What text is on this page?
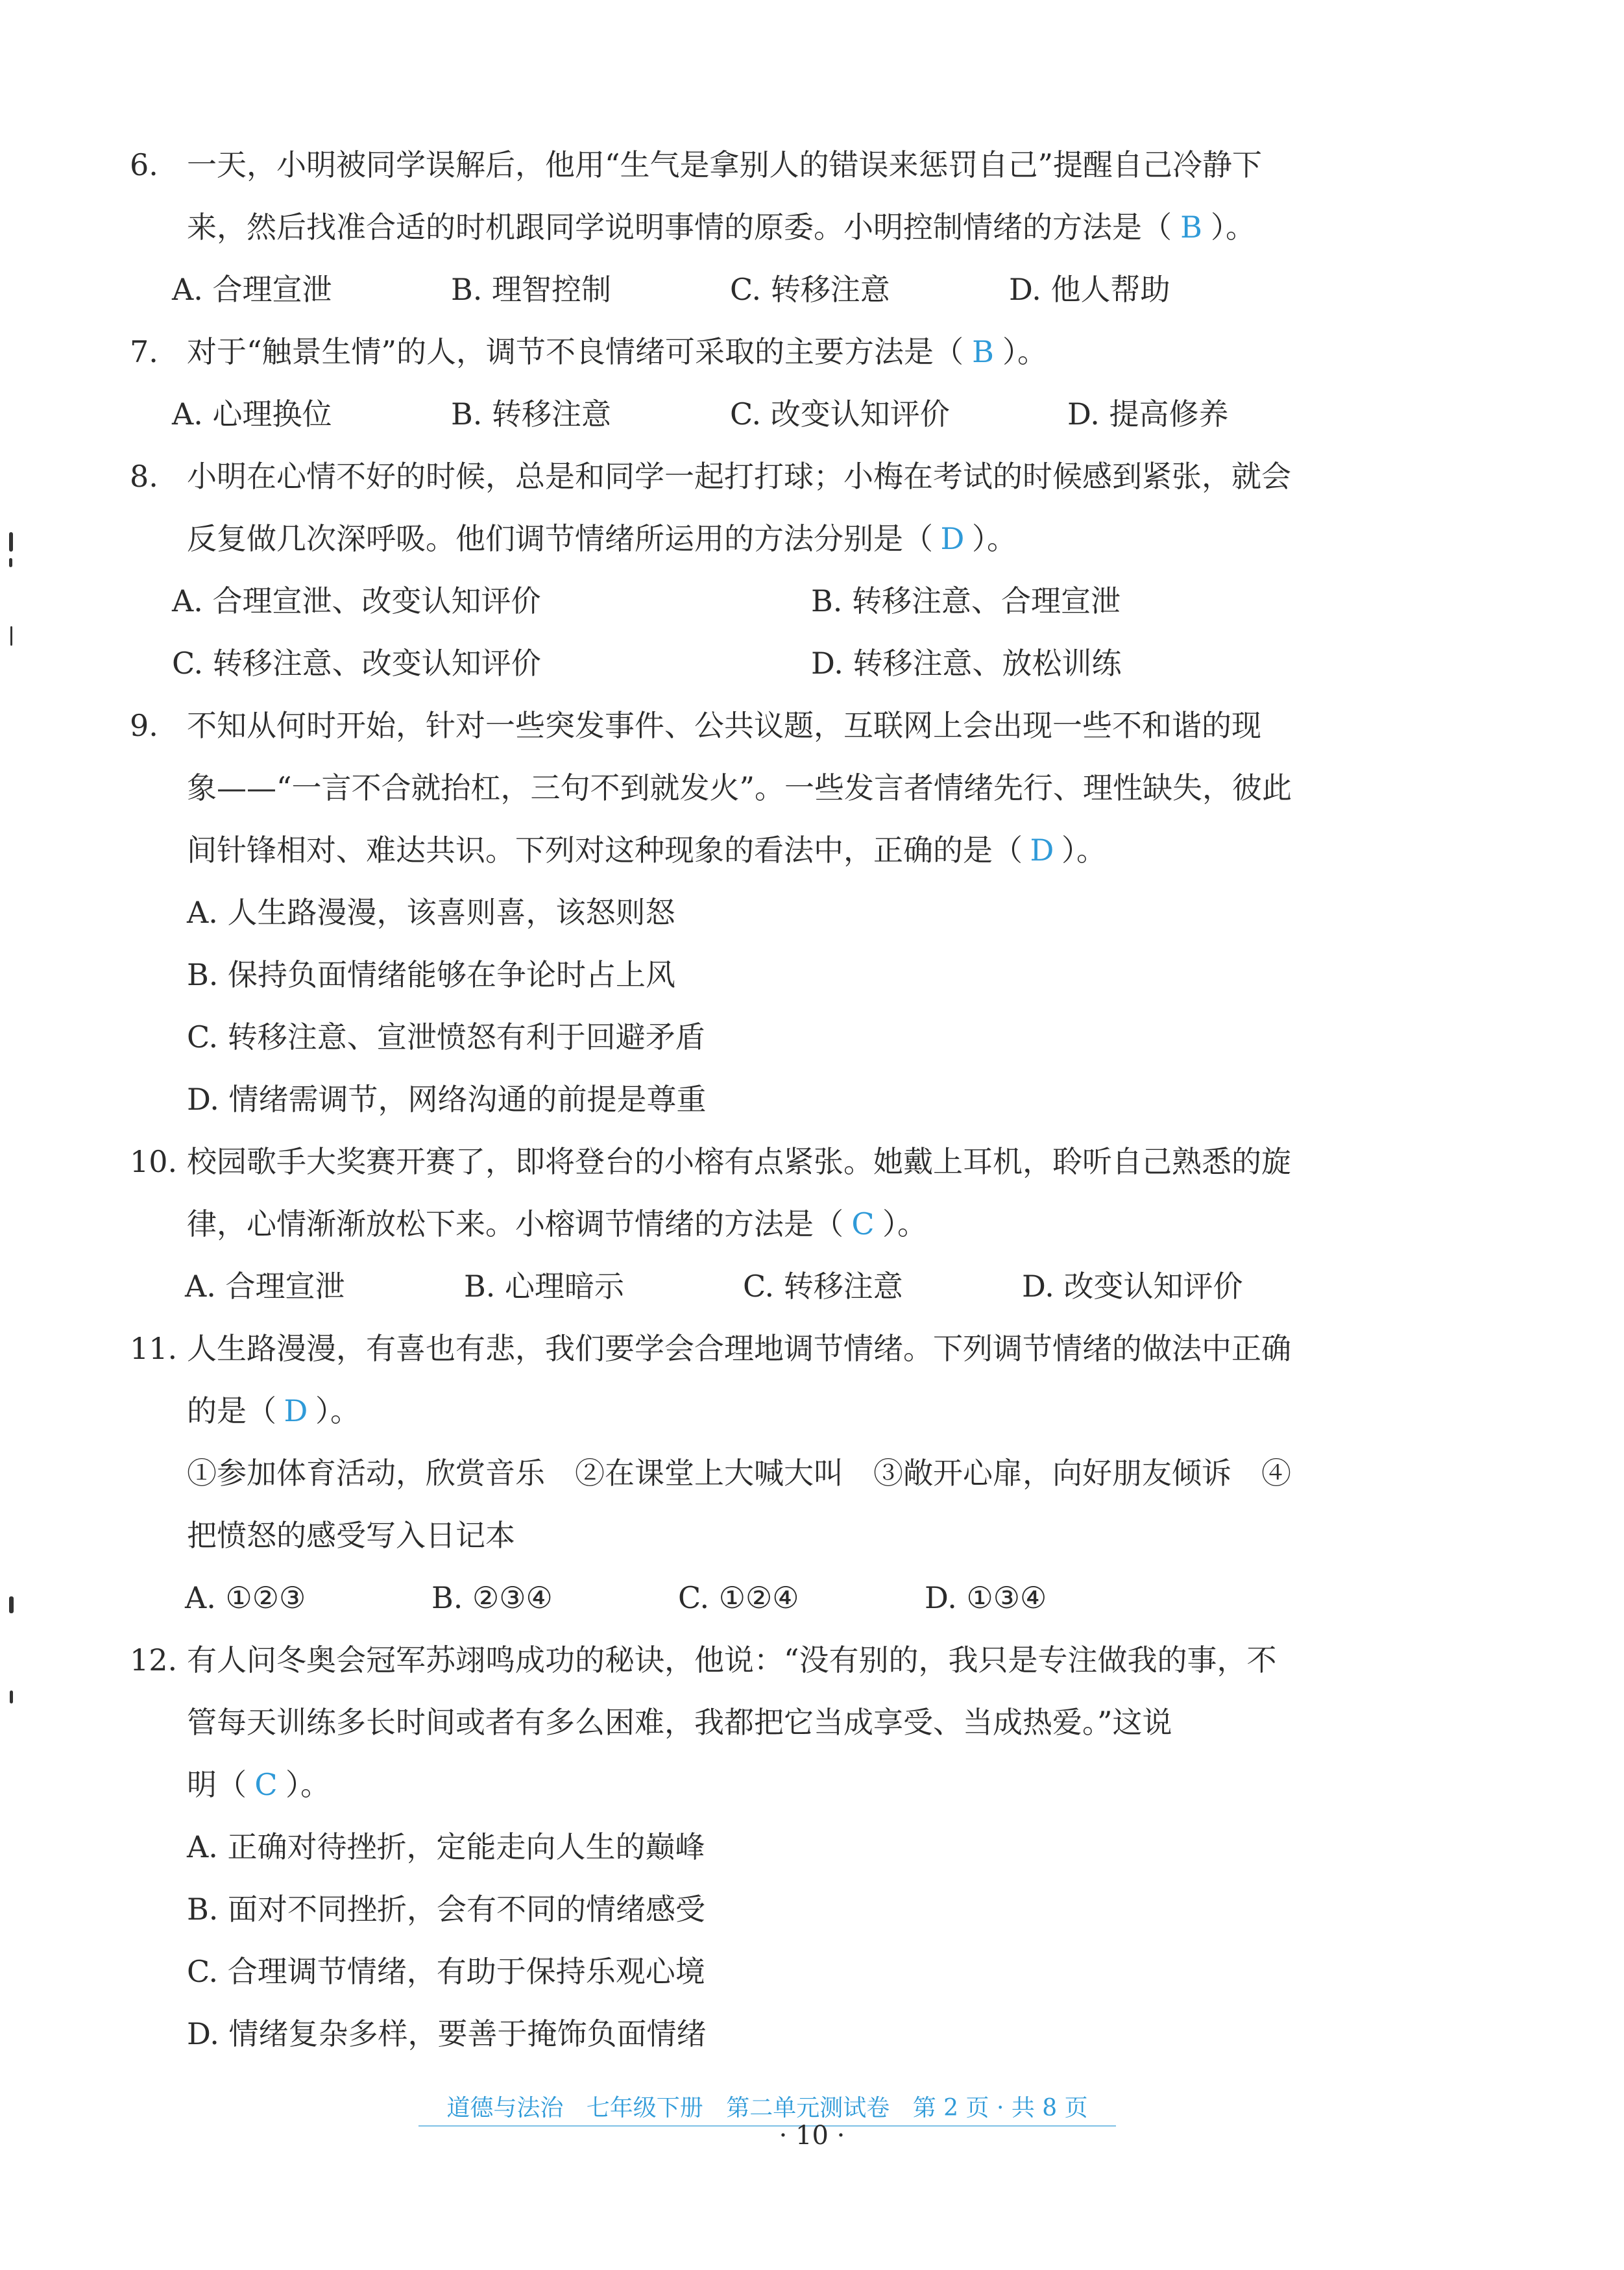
6. 一天，小明被同学误解后，他用“生气是拿别人的错误来惩罚自己”提醒自己冷静下
来，然后找准合适的时机跟同学说明事情的原委。小明控制情绪的方法是（ B ）。
A. 合理宣泄	B. 理智控制	C. 转移注意	D. 他人帮助
7. 对于“触景生情”的人，调节不良情绪可采取的主要方法是（ B ）。
A. 心理换位	B. 转移注意	C. 改变认知评价	D. 提高修养
8. 小明在心情不好的时候，总是和同学一起打打球；小梅在考试的时候感到紧张，就会
反复做几次深呼吸。他们调节情绪所运用的方法分别是（ D ）。
A. 合理宣泄、改变认知评价	B. 转移注意、合理宣泄
C. 转移注意、改变认知评价	D. 转移注意、放松训练
9. 不知从何时开始，针对一些突发事件、公共议题，互联网上会出现一些不和谐的现
象——“一言不合就抬杠，三句不到就发火”。一些发言者情绪先行、理性缺失，彼此
间针锋相对、难达共识。下列对这种现象的看法中，正确的是（ D ）。
A. 人生路漫漫，该喜则喜，该怒则怒
B. 保持负面情绪能够在争论时占上风
C. 转移注意、宣泄愤怒有利于回避矛盾
D. 情绪需调节，网络沟通的前提是尊重
10. 校园歌手大奖赛开赛了，即将登台的小榕有点紧张。她戴上耳机，聆听自己熟悉的旋
律，心情渐渐放松下来。小榕调节情绪的方法是（ C ）。
A. 合理宣泄	B. 心理暗示	C. 转移注意	D. 改变认知评价
11. 人生路漫漫，有喜也有悲，我们要学会合理地调节情绪。下列调节情绪的做法中正确
的是（ D ）。
①参加体育活动，欣赏音乐　②在课堂上大喊大叫　③敞开心扉，向好朋友倾诉　④
把愤怒的感受写入日记本
A. ①②③	B. ②③④	C. ①②④	D. ①③④
12. 有人问冬奥会冠军苏翊鸣成功的秘诀，他说：“没有别的，我只是专注做我的事，不
管每天训练多长时间或者有多么困难，我都把它当成享受、当成热爱。”这说
明（ C ）。
A. 正确对待挫折，定能走向人生的巅峰
B. 面对不同挫折，会有不同的情绪感受
C. 合理调节情绪，有助于保持乐观心境
D. 情绪复杂多样，要善于掩饰负面情绪
道德与法治 七年级下册 第二单元测试卷 第 2 页 · 共 8 页
· 10 ·
